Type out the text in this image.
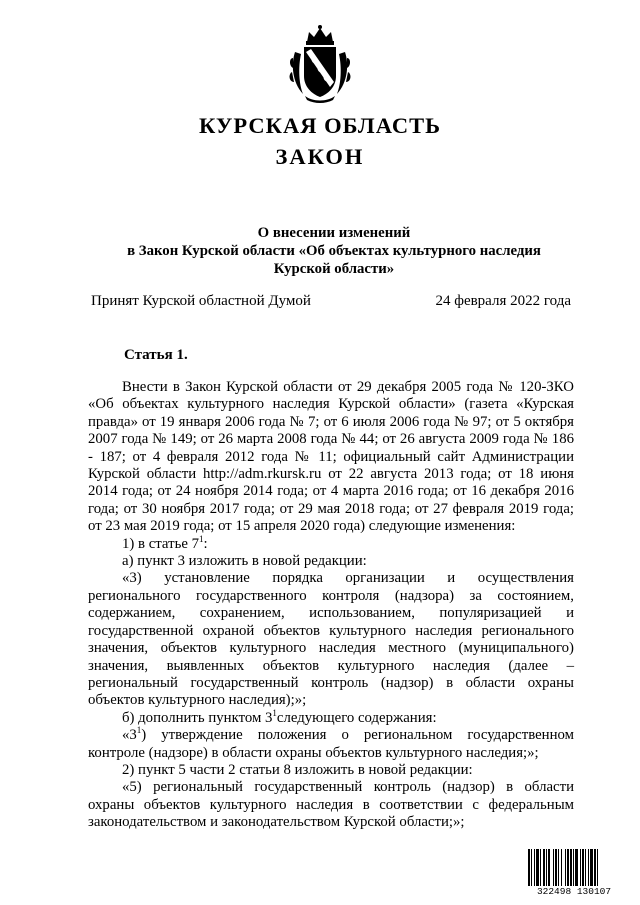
КУРСКАЯ ОБЛАСТЬ
ЗАКОН
О внесении изменений
в Закон Курской области «Об объектах культурного наследия
Курской области»
Принят Курской областной Думой	24 февраля 2022 года
Статья 1.

Внести в Закон Курской области от 29 декабря 2005 года № 120-ЗКО «Об объектах культурного наследия Курской области» (газета «Курская правда» от 19 января 2006 года № 7; от 6 июля 2006 года № 97; от 5 октября 2007 года № 149; от 26 марта 2008 года № 44; от 26 августа 2009 года № 186 - 187; от 4 февраля 2012 года № 11; официальный сайт Администрации Курской области http://adm.rkursk.ru от 22 августа 2013 года; от 18 июня 2014 года; от 24 ноября 2014 года; от 4 марта 2016 года; от 16 декабря 2016 года; от 30 ноября 2017 года; от 29 мая 2018 года; от 27 февраля 2019 года; от 23 мая 2019 года; от 15 апреля 2020 года) следующие изменения:

1) в статье $7^1$:

а) пункт 3 изложить в новой редакции:

«3) установление порядка организации и осуществления регионального государственного контроля (надзора) за состоянием, содержанием, сохранением, использованием, популяризацией и государственной охраной объектов культурного наследия регионального значения, объектов культурного наследия местного (муниципального) значения, выявленных объектов культурного наследия (далее – региональный государственный контроль (надзор) в области охраны объектов культурного наследия);»;

б) дополнить пунктом $3^1следующего$ содержания:

«$3^1$) утверждение положения о региональном государственном контроле (надзоре) в области охраны объектов культурного наследия;»;

2) пункт 5 части 2 статьи 8 изложить в новой редакции:

«5) региональный государственный контроль (надзор) в области охраны объектов культурного наследия в соответствии с федеральным законодательством и законодательством Курской области;»;

322498 130107
